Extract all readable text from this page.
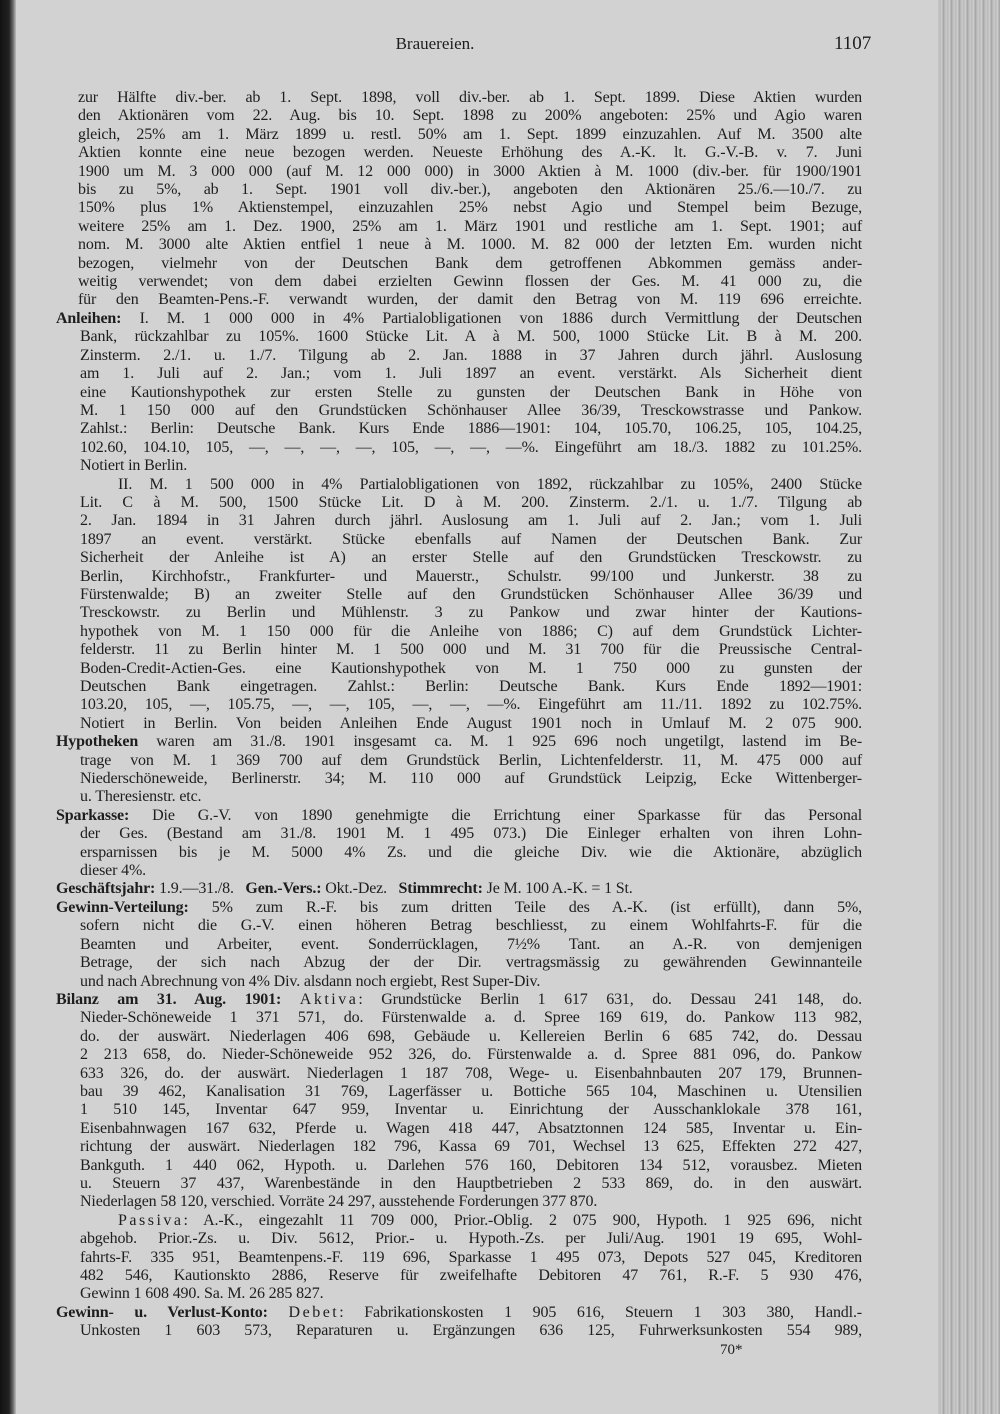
Brauereien.	1107
zur Hälfte div.-ber. ab 1. Sept. 1898, voll div.-ber. ab 1. Sept. 1899. Diese Aktien wurden
den Aktionären vom 22. Aug. bis 10. Sept. 1898 zu 200% angeboten: 25% und Agio waren
gleich, 25% am 1. März 1899 u. restl. 50% am 1. Sept. 1899 einzuzahlen. Auf M. 3500 alte
Aktien konnte eine neue bezogen werden. Neueste Erhöhung des A.-K. lt. G.-V.-B. v. 7. Juni
1900 um M. 3 000 000 (auf M. 12 000 000) in 3000 Aktien à M. 1000 (div.-ber. für 1900/1901
bis zu 5%, ab 1. Sept. 1901 voll div.-ber.), angeboten den Aktionären 25./6.—10./7. zu
150% plus 1% Aktienstempel, einzuzahlen 25% nebst Agio und Stempel beim Bezuge,
weitere 25% am 1. Dez. 1900, 25% am 1. März 1901 und restliche am 1. Sept. 1901; auf
nom. M. 3000 alte Aktien entfiel 1 neue à M. 1000. M. 82 000 der letzten Em. wurden nicht
bezogen, vielmehr von der Deutschen Bank dem getroffenen Abkommen gemäss ander-
weitig verwendet; von dem dabei erzielten Gewinn flossen der Ges. M. 41 000 zu, die
für den Beamten-Pens.-F. verwandt wurden, der damit den Betrag von M. 119 696 erreichte.
Anleihen: I. M. 1 000 000 in 4% Partialobligationen von 1886 durch Vermittlung der Deutschen
Bank, rückzahlbar zu 105%. 1600 Stücke Lit. A à M. 500, 1000 Stücke Lit. B à M. 200.
Zinsterm. 2./1. u. 1./7. Tilgung ab 2. Jan. 1888 in 37 Jahren durch jährl. Auslosung
am 1. Juli auf 2. Jan.; vom 1. Juli 1897 an event. verstärkt. Als Sicherheit dient
eine Kautionshypothek zur ersten Stelle zu gunsten der Deutschen Bank in Höhe von
M. 1 150 000 auf den Grundstücken Schönhauser Allee 36/39, Tresckowstrasse und Pankow.
Zahlst.: Berlin: Deutsche Bank. Kurs Ende 1886—1901: 104, 105.70, 106.25, 105, 104.25,
102.60, 104.10, 105, —, —, —, —, 105, —, —, —%. Eingeführt am 18./3. 1882 zu 101.25%.
Notiert in Berlin.
II. M. 1 500 000 in 4% Partialobligationen von 1892, rückzahlbar zu 105%, 2400 Stücke
Lit. C à M. 500, 1500 Stücke Lit. D à M. 200. Zinsterm. 2./1. u. 1./7. Tilgung ab
2. Jan. 1894 in 31 Jahren durch jährl. Auslosung am 1. Juli auf 2. Jan.; vom 1. Juli
1897 an event. verstärkt. Stücke ebenfalls auf Namen der Deutschen Bank. Zur
Sicherheit der Anleihe ist A) an erster Stelle auf den Grundstücken Tresckowstr. zu
Berlin, Kirchhofstr., Frankfurter- und Mauerstr., Schulstr. 99/100 und Junkerstr. 38 zu
Fürstenwalde; B) an zweiter Stelle auf den Grundstücken Schönhauser Allee 36/39 und
Tresckowstr. zu Berlin und Mühlenstr. 3 zu Pankow und zwar hinter der Kautions-
hypothek von M. 1 150 000 für die Anleihe von 1886; C) auf dem Grundstück Lichter-
felderstr. 11 zu Berlin hinter M. 1 500 000 und M. 31 700 für die Preussische Central-
Boden-Credit-Actien-Ges. eine Kautionshypothek von M. 1 750 000 zu gunsten der
Deutschen Bank eingetragen. Zahlst.: Berlin: Deutsche Bank. Kurs Ende 1892—1901:
103.20, 105, —, 105.75, —, —, 105, —, —, —%. Eingeführt am 11./11. 1892 zu 102.75%.
Notiert in Berlin. Von beiden Anleihen Ende August 1901 noch in Umlauf M. 2 075 900.
Hypotheken waren am 31./8. 1901 insgesamt ca. M. 1 925 696 noch ungetilgt, lastend im Be-
trage von M. 1 369 700 auf dem Grundstück Berlin, Lichtenfelderstr. 11, M. 475 000 auf
Niederschöneweide, Berlinerstr. 34; M. 110 000 auf Grundstück Leipzig, Ecke Wittenberger-
u. Theresienstr. etc.
Sparkasse: Die G.-V. von 1890 genehmigte die Errichtung einer Sparkasse für das Personal
der Ges. (Bestand am 31./8. 1901 M. 1 495 073.) Die Einleger erhalten von ihren Lohn-
ersparnissen bis je M. 5000 4% Zs. und die gleiche Div. wie die Aktionäre, abzüglich
dieser 4%.
Geschäftsjahr: 1.9.—31./8.   Gen.-Vers.: Okt.-Dez.   Stimmrecht: Je M. 100 A.-K. = 1 St.
Gewinn-Verteilung: 5% zum R.-F. bis zum dritten Teile des A.-K. (ist erfüllt), dann 5%,
sofern nicht die G.-V. einen höheren Betrag beschliesst, zu einem Wohlfahrts-F. für die
Beamten und Arbeiter, event. Sonderrücklagen, 7½% Tant. an A.-R. von demjenigen
Betrage, der sich nach Abzug der der Dir. vertragsmässig zu gewährenden Gewinnanteile
und nach Abrechnung von 4% Div. alsdann noch ergiebt, Rest Super-Div.
Bilanz am 31. Aug. 1901: Aktiva: Grundstücke Berlin 1 617 631, do. Dessau 241 148, do.
Nieder-Schöneweide 1 371 571, do. Fürstenwalde a. d. Spree 169 619, do. Pankow 113 982,
do. der auswärt. Niederlagen 406 698, Gebäude u. Kellereien Berlin 6 685 742, do. Dessau
2 213 658, do. Nieder-Schöneweide 952 326, do. Fürstenwalde a. d. Spree 881 096, do. Pankow
633 326, do. der auswärt. Niederlagen 1 187 708, Wege- u. Eisenbahnbauten 207 179, Brunnen-
bau 39 462, Kanalisation 31 769, Lagerfässer u. Bottiche 565 104, Maschinen u. Utensilien
1 510 145, Inventar 647 959, Inventar u. Einrichtung der Ausschanklokale 378 161,
Eisenbahnwagen 167 632, Pferde u. Wagen 418 447, Absatztonnen 124 585, Inventar u. Ein-
richtung der auswärt. Niederlagen 182 796, Kassa 69 701, Wechsel 13 625, Effekten 272 427,
Bankguth. 1 440 062, Hypoth. u. Darlehen 576 160, Debitoren 134 512, vorausbez. Mieten
u. Steuern 37 437, Warenbestände in den Hauptbetrieben 2 533 869, do. in den auswärt.
Niederlagen 58 120, verschied. Vorräte 24 297, ausstehende Forderungen 377 870.
Passiva: A.-K., eingezahlt 11 709 000, Prior.-Oblig. 2 075 900, Hypoth. 1 925 696, nicht
abgehob. Prior.-Zs. u. Div. 5612, Prior.- u. Hypoth.-Zs. per Juli/Aug. 1901 19 695, Wohl-
fahrts-F. 335 951, Beamtenpens.-F. 119 696, Sparkasse 1 495 073, Depots 527 045, Kreditoren
482 546, Kautionskto 2886, Reserve für zweifelhafte Debitoren 47 761, R.-F. 5 930 476,
Gewinn 1 608 490. Sa. M. 26 285 827.
Gewinn- u. Verlust-Konto: Debet: Fabrikationskosten 1 905 616, Steuern 1 303 380, Handl.-
Unkosten 1 603 573, Reparaturen u. Ergänzungen 636 125, Fuhrwerksunkosten 554 989,
70*
